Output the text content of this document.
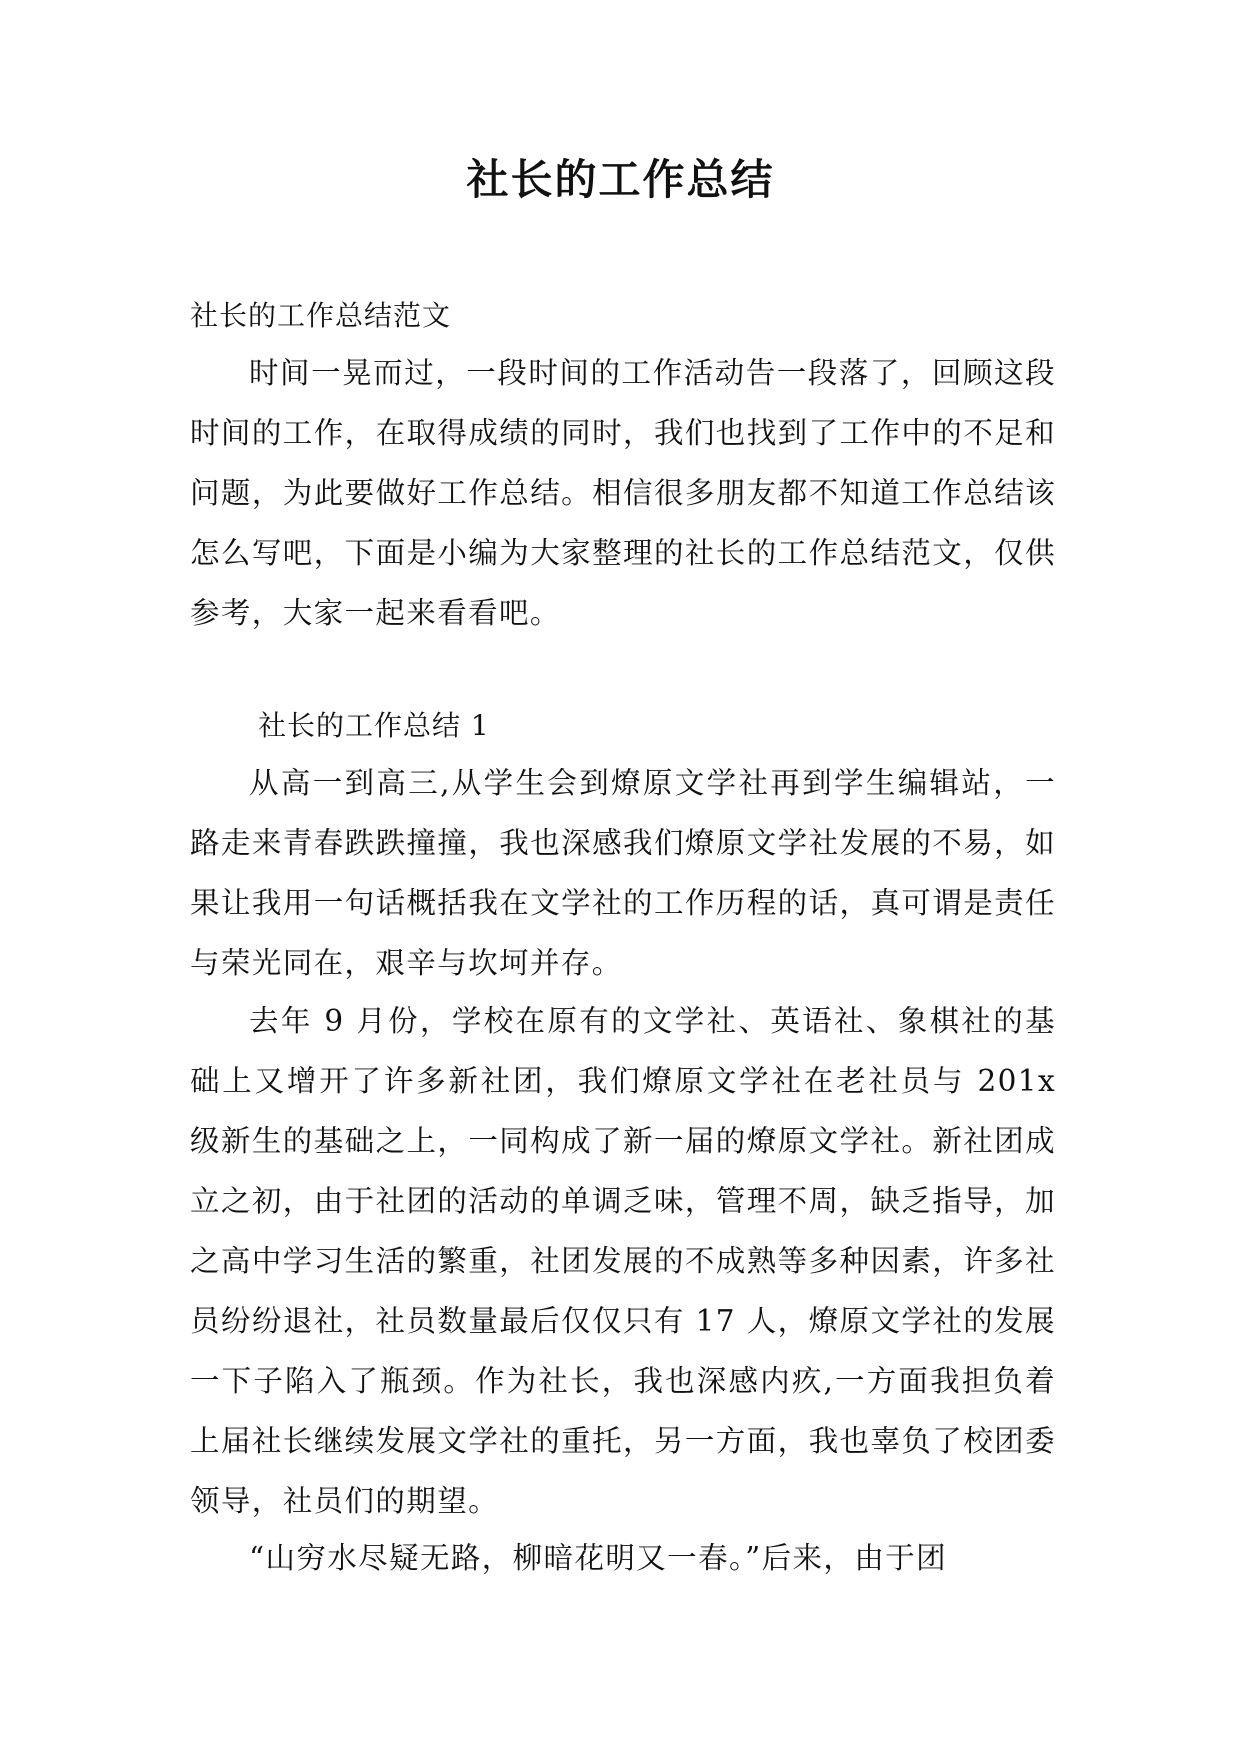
社长的工作总结

社长的工作总结范文

时间一晃而过，一段时间的工作活动告一段落了，回顾这段时间的工作，在取得成绩的同时，我们也找到了工作中的不足和问题，为此要做好工作总结。相信很多朋友都不知道工作总结该怎么写吧，下面是小编为大家整理的社长的工作总结范文，仅供参考，大家一起来看看吧。

社长的工作总结 1

从高一到高三,从学生会到燎原文学社再到学生编辑站，一路走来青春跌跌撞撞，我也深感我们燎原文学社发展的不易，如果让我用一句话概括我在文学社的工作历程的话，真可谓是责任与荣光同在，艰辛与坎坷并存。

去年 9 月份，学校在原有的文学社、英语社、象棋社的基础上又增开了许多新社团，我们燎原文学社在老社员与 201x 级新生的基础之上，一同构成了新一届的燎原文学社。新社团成立之初，由于社团的活动的单调乏味，管理不周，缺乏指导，加之高中学习生活的繁重，社团发展的不成熟等多种因素，许多社员纷纷退社，社员数量最后仅仅只有 17 人，燎原文学社的发展一下子陷入了瓶颈。作为社长，我也深感内疚,一方面我担负着上届社长继续发展文学社的重托，另一方面，我也辜负了校团委领导，社员们的期望。

“山穷水尽疑无路，柳暗花明又一春。”后来，由于团
